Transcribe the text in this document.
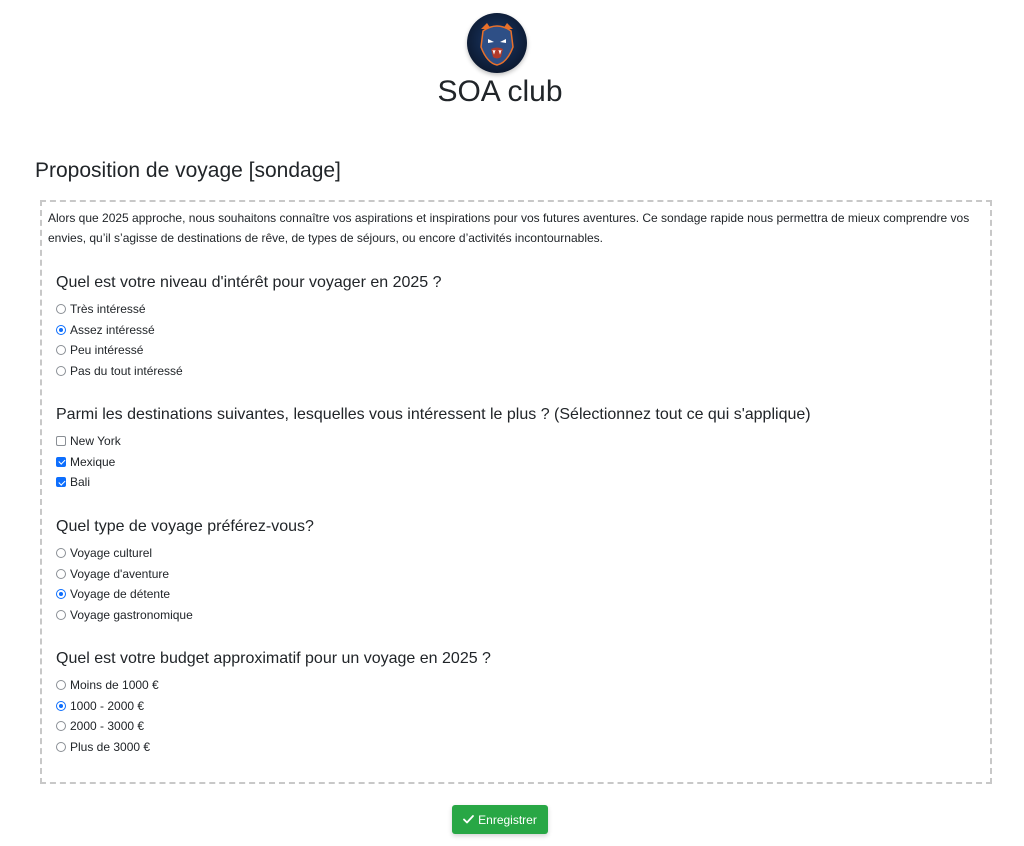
SOA club
Proposition de voyage [sondage]

Alors que 2025 approche, nous souhaitons connaître vos aspirations et inspirations pour vos futures aventures. Ce sondage rapide nous permettra de mieux comprendre vos envies, qu’il s’agisse de destinations de rêve, de types de séjours, ou encore d’activités incontournables.

Quel est votre niveau d'intérêt pour voyager en 2025 ?
Très intéressé
Assez intéressé
Peu intéressé
Pas du tout intéressé
Parmi les destinations suivantes, lesquelles vous intéressent le plus ? (Sélectionnez tout ce qui s'applique)
New York
Mexique
Bali
Quel type de voyage préférez-vous?
Voyage culturel
Voyage d'aventure
Voyage de détente
Voyage gastronomique
Quel est votre budget approximatif pour un voyage en 2025 ?
Moins de 1000 €
1000 - 2000 €
2000 - 3000 €
Plus de 3000 €
Enregistrer
